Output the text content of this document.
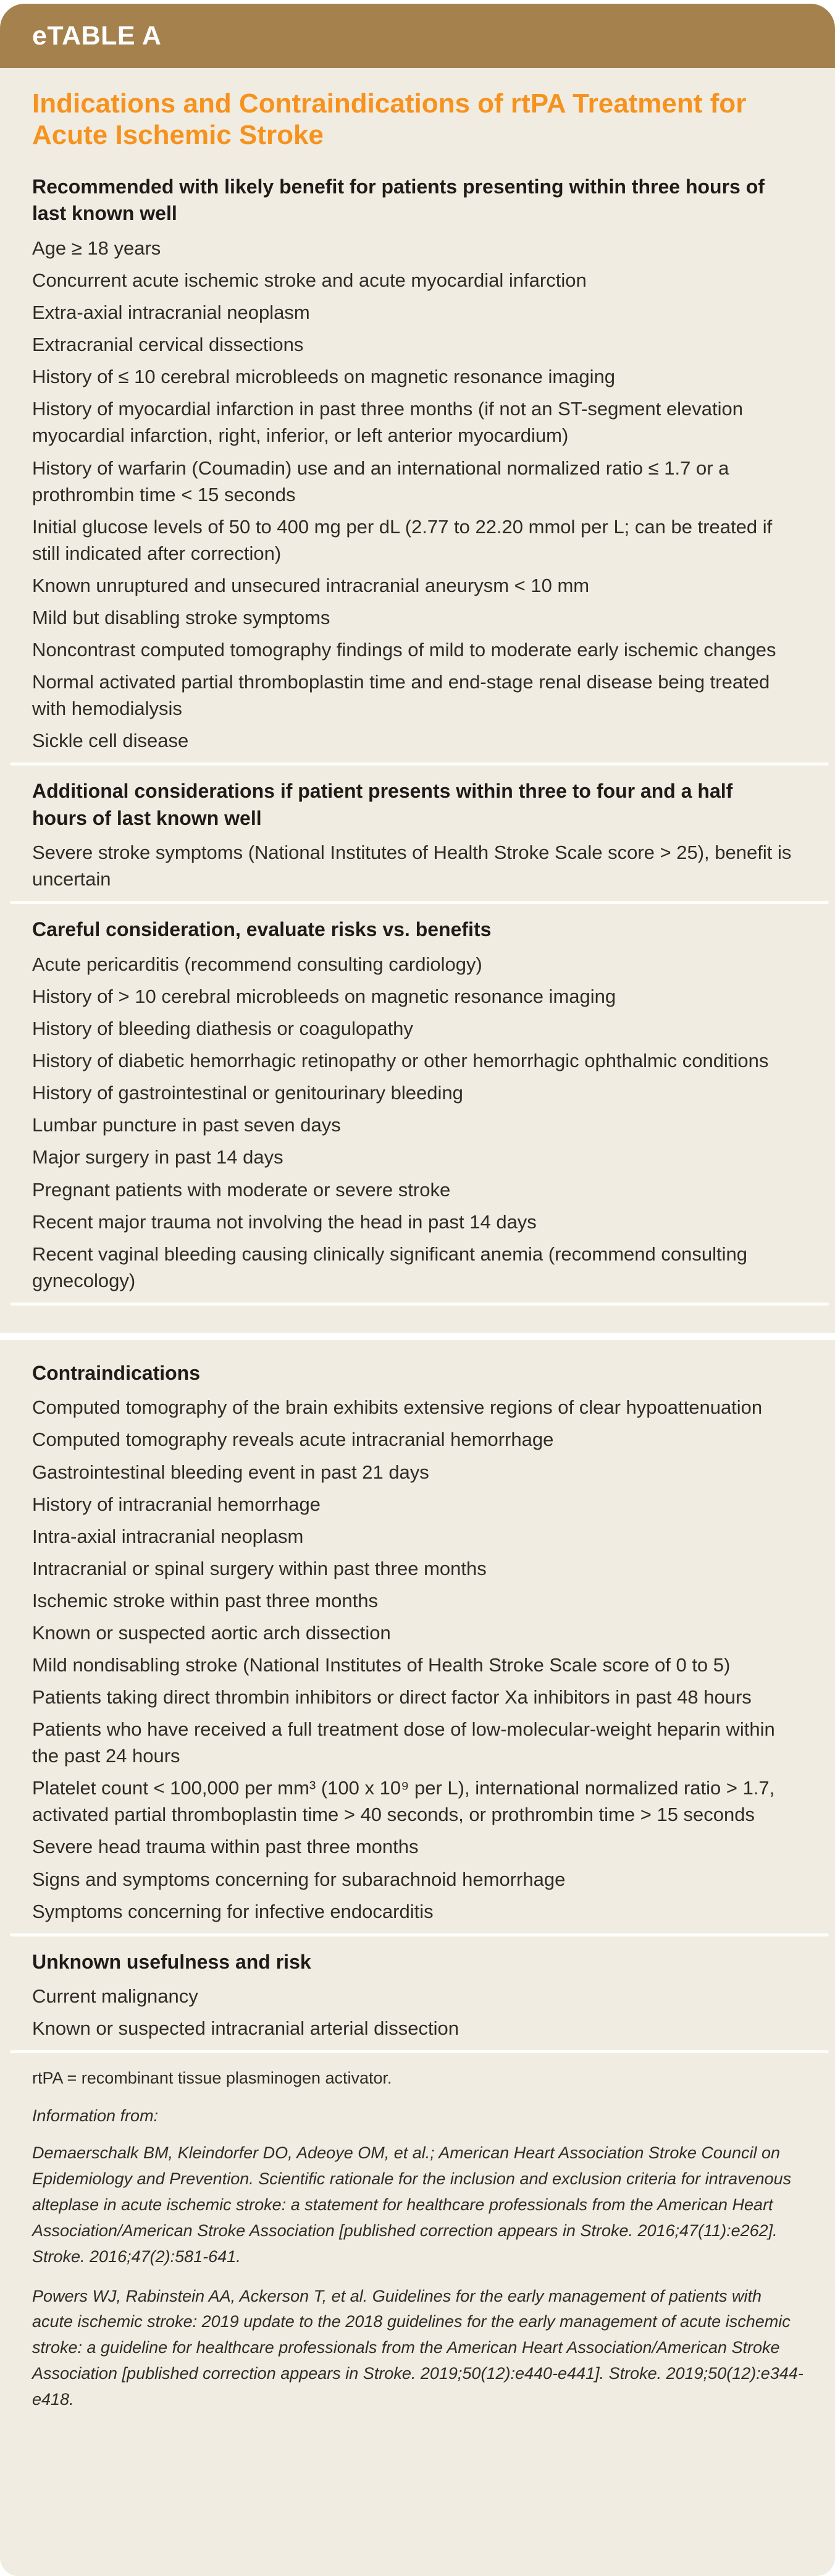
eTABLE A
Indications and Contraindications of rtPA Treatment for Acute Ischemic Stroke
Recommended with likely benefit for patients presenting within three hours of last known well

Age ≥ 18 years

Concurrent acute ischemic stroke and acute myocardial infarction

Extra-axial intracranial neoplasm

Extracranial cervical dissections

History of ≤ 10 cerebral microbleeds on magnetic resonance imaging

History of myocardial infarction in past three months (if not an ST-segment elevation myocardial infarction, right, inferior, or left anterior myocardium)

History of warfarin (Coumadin) use and an international normalized ratio ≤ 1.7 or a prothrombin time < 15 seconds

Initial glucose levels of 50 to 400 mg per dL (2.77 to 22.20 mmol per L; can be treated if still indicated after correction)

Known unruptured and unsecured intracranial aneurysm < 10 mm

Mild but disabling stroke symptoms

Noncontrast computed tomography findings of mild to moderate early ischemic changes

Normal activated partial thromboplastin time and end-stage renal disease being treated with hemodialysis

Sickle cell disease

Additional considerations if patient presents within three to four and a half hours of last known well

Severe stroke symptoms (National Institutes of Health Stroke Scale score > 25), benefit is uncertain

Careful consideration, evaluate risks vs. benefits

Acute pericarditis (recommend consulting cardiology)

History of > 10 cerebral microbleeds on magnetic resonance imaging

History of bleeding diathesis or coagulopathy

History of diabetic hemorrhagic retinopathy or other hemorrhagic ophthalmic conditions

History of gastrointestinal or genitourinary bleeding

Lumbar puncture in past seven days

Major surgery in past 14 days

Pregnant patients with moderate or severe stroke

Recent major trauma not involving the head in past 14 days

Recent vaginal bleeding causing clinically significant anemia (recommend consulting gynecology)

Contraindications

Computed tomography of the brain exhibits extensive regions of clear hypoattenuation

Computed tomography reveals acute intracranial hemorrhage

Gastrointestinal bleeding event in past 21 days

History of intracranial hemorrhage

Intra-axial intracranial neoplasm

Intracranial or spinal surgery within past three months

Ischemic stroke within past three months

Known or suspected aortic arch dissection

Mild nondisabling stroke (National Institutes of Health Stroke Scale score of 0 to 5)

Patients taking direct thrombin inhibitors or direct factor Xa inhibitors in past 48 hours

Patients who have received a full treatment dose of low-molecular-weight heparin within the past 24 hours

Platelet count < 100,000 per mm³ (100 x 10⁹ per L), international normalized ratio > 1.7, activated partial thromboplastin time > 40 seconds, or prothrombin time > 15 seconds

Severe head trauma within past three months

Signs and symptoms concerning for subarachnoid hemorrhage

Symptoms concerning for infective endocarditis

Unknown usefulness and risk

Current malignancy

Known or suspected intracranial arterial dissection

rtPA = recombinant tissue plasminogen activator.

Information from:

Demaerschalk BM, Kleindorfer DO, Adeoye OM, et al.; American Heart Association Stroke Council on Epidemiology and Prevention. Scientific rationale for the inclusion and exclusion criteria for intravenous alteplase in acute ischemic stroke: a statement for healthcare professionals from the American Heart Association/American Stroke Association [published correction appears in Stroke. 2016;47(11):e262]. Stroke. 2016;47(2):581-641.

Powers WJ, Rabinstein AA, Ackerson T, et al. Guidelines for the early management of patients with acute ischemic stroke: 2019 update to the 2018 guidelines for the early management of acute ischemic stroke: a guideline for healthcare professionals from the American Heart Association/American Stroke Association [published correction appears in Stroke. 2019;50(12):e440-e441]. Stroke. 2019;50(12):e344-e418.
